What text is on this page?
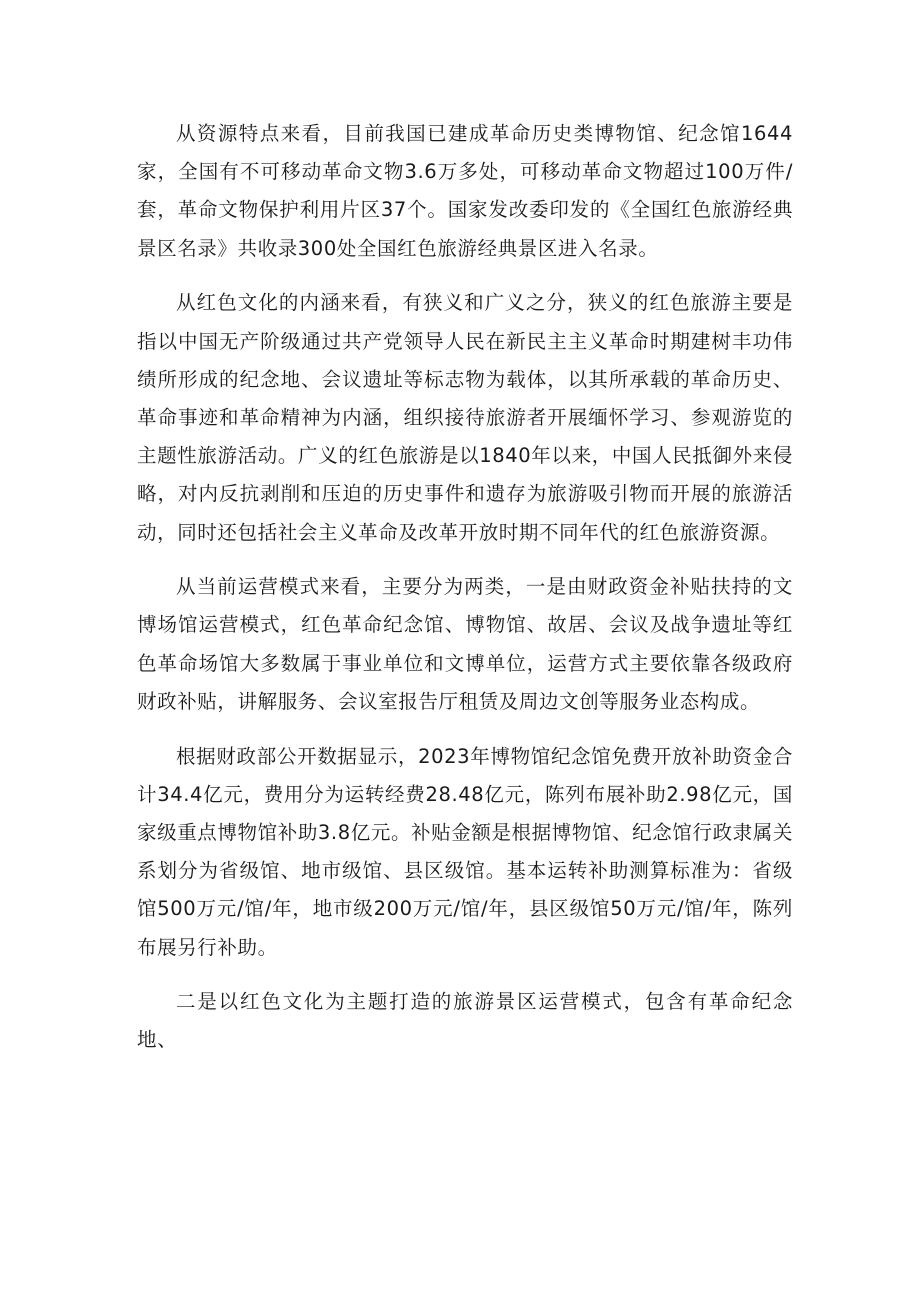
从资源特点来看，目前我国已建成革命历史类博物馆、纪念馆1644家，全国有不可移动革命文物3.6万多处，可移动革命文物超过100万件/套，革命文物保护利用片区37个。国家发改委印发的《全国红色旅游经典景区名录》共收录300处全国红色旅游经典景区进入名录。

从红色文化的内涵来看，有狭义和广义之分，狭义的红色旅游主要是指以中国无产阶级通过共产党领导人民在新民主主义革命时期建树丰功伟绩所形成的纪念地、会议遗址等标志物为载体，以其所承载的革命历史、革命事迹和革命精神为内涵，组织接待旅游者开展缅怀学习、参观游览的主题性旅游活动。广义的红色旅游是以1840年以来，中国人民抵御外来侵略，对内反抗剥削和压迫的历史事件和遗存为旅游吸引物而开展的旅游活动，同时还包括社会主义革命及改革开放时期不同年代的红色旅游资源。

从当前运营模式来看，主要分为两类，一是由财政资金补贴扶持的文博场馆运营模式，红色革命纪念馆、博物馆、故居、会议及战争遗址等红色革命场馆大多数属于事业单位和文博单位，运营方式主要依靠各级政府财政补贴，讲解服务、会议室报告厅租赁及周边文创等服务业态构成。

根据财政部公开数据显示，2023年博物馆纪念馆免费开放补助资金合计34.4亿元，费用分为运转经费28.48亿元，陈列布展补助2.98亿元，国家级重点博物馆补助3.8亿元。补贴金额是根据博物馆、纪念馆行政隶属关系划分为省级馆、地市级馆、县区级馆。基本运转补助测算标准为：省级馆500万元/馆/年，地市级200万元/馆/年，县区级馆50万元/馆/年，陈列布展另行补助。

二是以红色文化为主题打造的旅游景区运营模式，包含有革命纪念地、
